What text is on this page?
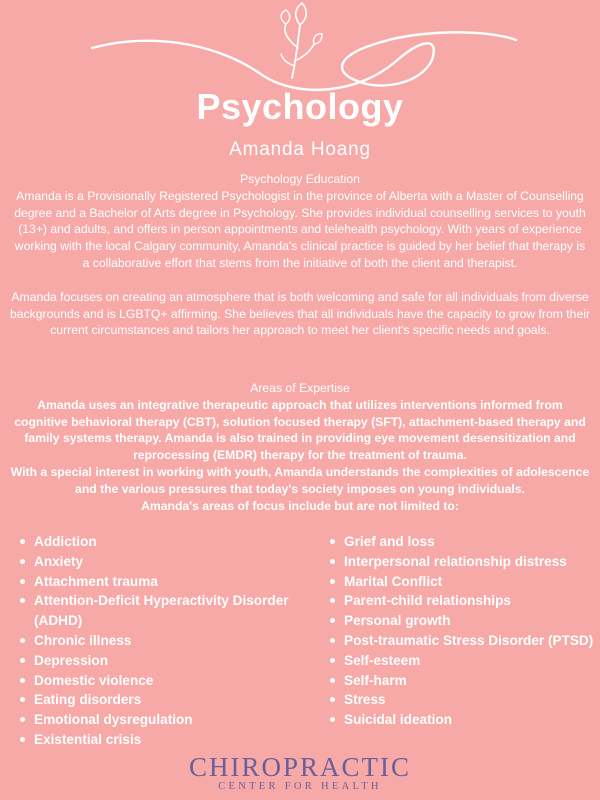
Psychology
Amanda Hoang
Psychology Education
Amanda is a Provisionally Registered Psychologist in the province of Alberta with a Master of Counselling degree and a Bachelor of Arts degree in Psychology. She provides individual counselling services to youth (13+) and adults, and offers in person appointments and telehealth psychology. With years of experience working with the local Calgary community, Amanda's clinical practice is guided by her belief that therapy is a collaborative effort that stems from the initiative of both the client and therapist.
Amanda focuses on creating an atmosphere that is both welcoming and safe for all individuals from diverse backgrounds and is LGBTQ+ affirming. She believes that all individuals have the capacity to grow from their current circumstances and tailors her approach to meet her client's specific needs and goals.
Areas of Expertise
Amanda uses an integrative therapeutic approach that utilizes interventions informed from cognitive behavioral therapy (CBT), solution focused therapy (SFT), attachment-based therapy and family systems therapy. Amanda is also trained in providing eye movement desensitization and reprocessing (EMDR) therapy for the treatment of trauma.
With a special interest in working with youth, Amanda understands the complexities of adolescence and the various pressures that today's society imposes on young individuals.
Amanda's areas of focus include but are not limited to:
Addiction
Anxiety
Attachment trauma
Attention-Deficit Hyperactivity Disorder (ADHD)
Chronic illness
Depression
Domestic violence
Eating disorders
Emotional dysregulation
Existential crisis
Grief and loss
Interpersonal relationship distress
Marital Conflict
Parent-child relationships
Personal growth
Post-traumatic Stress Disorder (PTSD)
Self-esteem
Self-harm
Stress
Suicidal ideation
CHIROPRACTIC
CENTER FOR HEALTH
